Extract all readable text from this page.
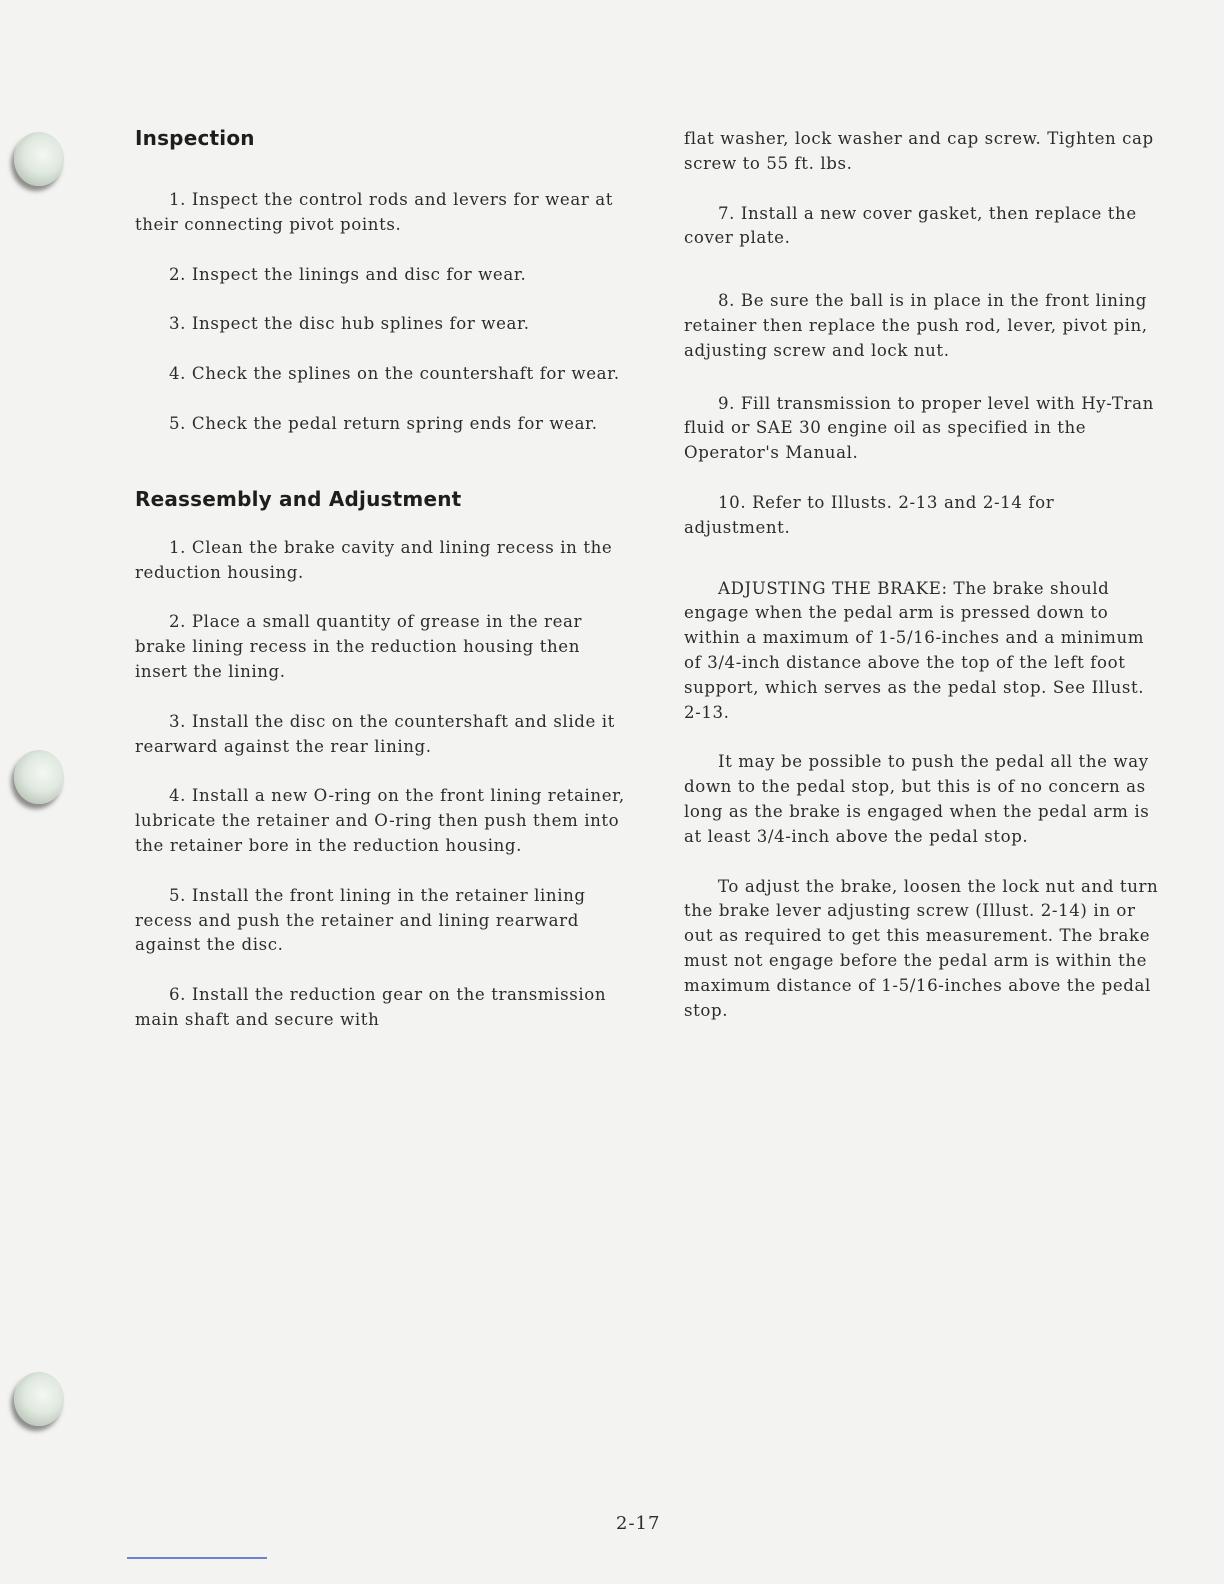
Inspection

1. Inspect the control rods and levers for wear at their connecting pivot points.

2. Inspect the linings and disc for wear.

3. Inspect the disc hub splines for wear.

4. Check the splines on the countershaft for wear.

5. Check the pedal return spring ends for wear.

Reassembly and Adjustment

1. Clean the brake cavity and lining recess in the reduction housing.

2. Place a small quantity of grease in the rear brake lining recess in the reduction housing then insert the lining.

3. Install the disc on the countershaft and slide it rearward against the rear lining.

4. Install a new O-ring on the front lining retainer, lubricate the retainer and O-ring then push them into the retainer bore in the reduction housing.

5. Install the front lining in the retainer lining recess and push the retainer and lining rearward against the disc.

6. Install the reduction gear on the transmission main shaft and secure with

flat washer, lock washer and cap screw. Tighten cap screw to 55 ft. lbs.

7. Install a new cover gasket, then replace the cover plate.

8. Be sure the ball is in place in the front lining retainer then replace the push rod, lever, pivot pin, adjusting screw and lock nut.

9. Fill transmission to proper level with Hy-Tran fluid or SAE 30 engine oil as specified in the Operator's Manual.

10. Refer to Illusts. 2-13 and 2-14 for adjustment.

ADJUSTING THE BRAKE: The brake should engage when the pedal arm is pressed down to within a maximum of 1-5/16-inches and a minimum of 3/4-inch distance above the top of the left foot support, which serves as the pedal stop. See Illust. 2-13.

It may be possible to push the pedal all the way down to the pedal stop, but this is of no concern as long as the brake is engaged when the pedal arm is at least 3/4-inch above the pedal stop.

To adjust the brake, loosen the lock nut and turn the brake lever adjusting screw (Illust. 2-14) in or out as required to get this measurement. The brake must not engage before the pedal arm is within the maximum distance of 1-5/16-inches above the pedal stop.

2-17
